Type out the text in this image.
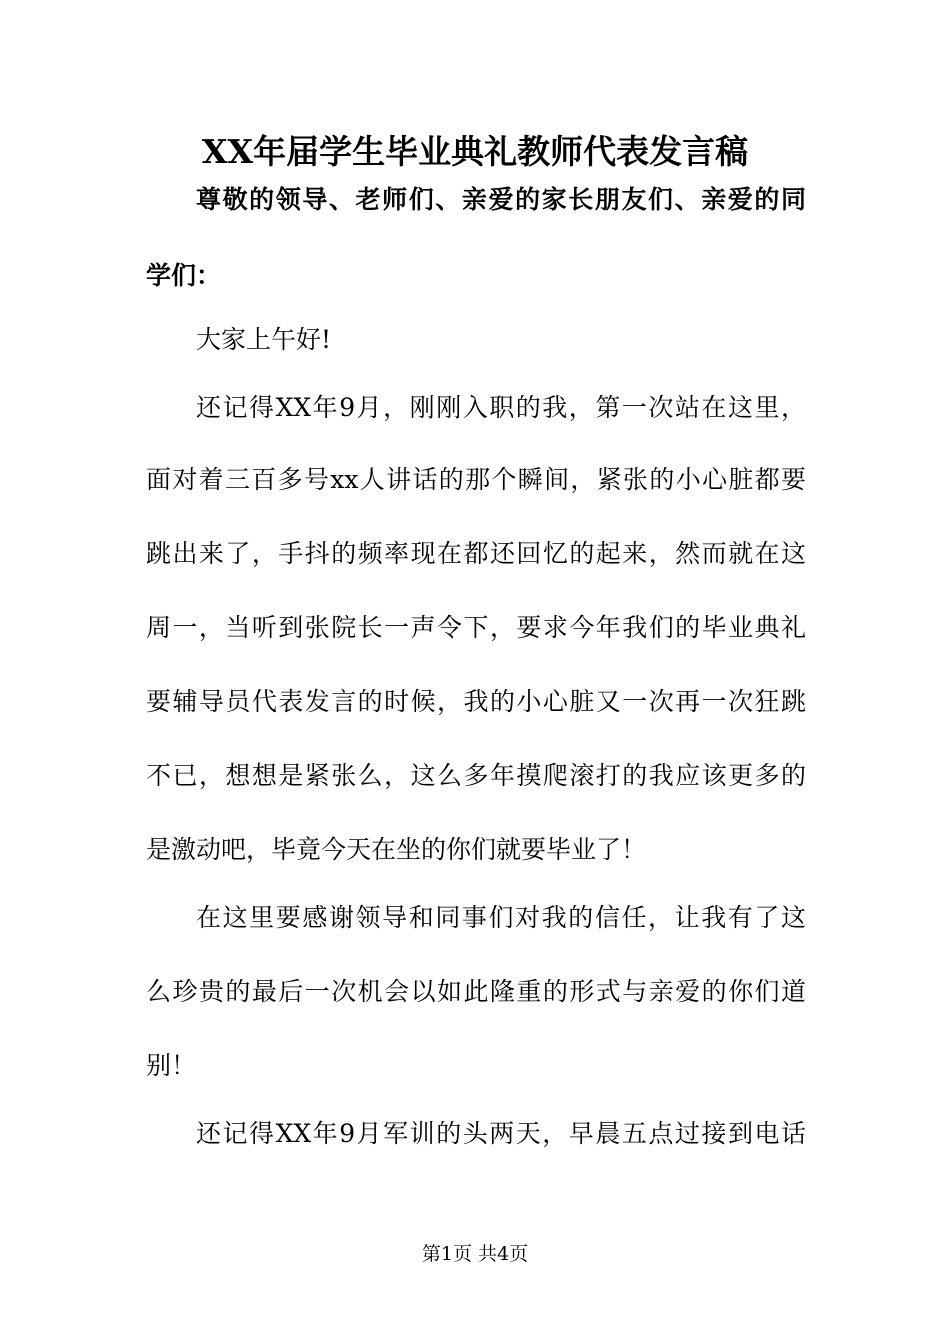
XX年届学生毕业典礼教师代表发言稿
尊敬的领导、老师们、亲爱的家长朋友们、亲爱的同
学们：
大家上午好!
还记得XX年9月，刚刚入职的我，第一次站在这里，
面对着三百多号xx人讲话的那个瞬间，紧张的小心脏都要
跳出来了，手抖的频率现在都还回忆的起来，然而就在这
周一，当听到张院长一声令下，要求今年我们的毕业典礼
要辅导员代表发言的时候，我的小心脏又一次再一次狂跳
不已，想想是紧张么，这么多年摸爬滚打的我应该更多的
是激动吧，毕竟今天在坐的你们就要毕业了！
在这里要感谢领导和同事们对我的信任，让我有了这
么珍贵的最后一次机会以如此隆重的形式与亲爱的你们道
别！
还记得XX年9月军训的头两天，早晨五点过接到电话
第1页 共4页
